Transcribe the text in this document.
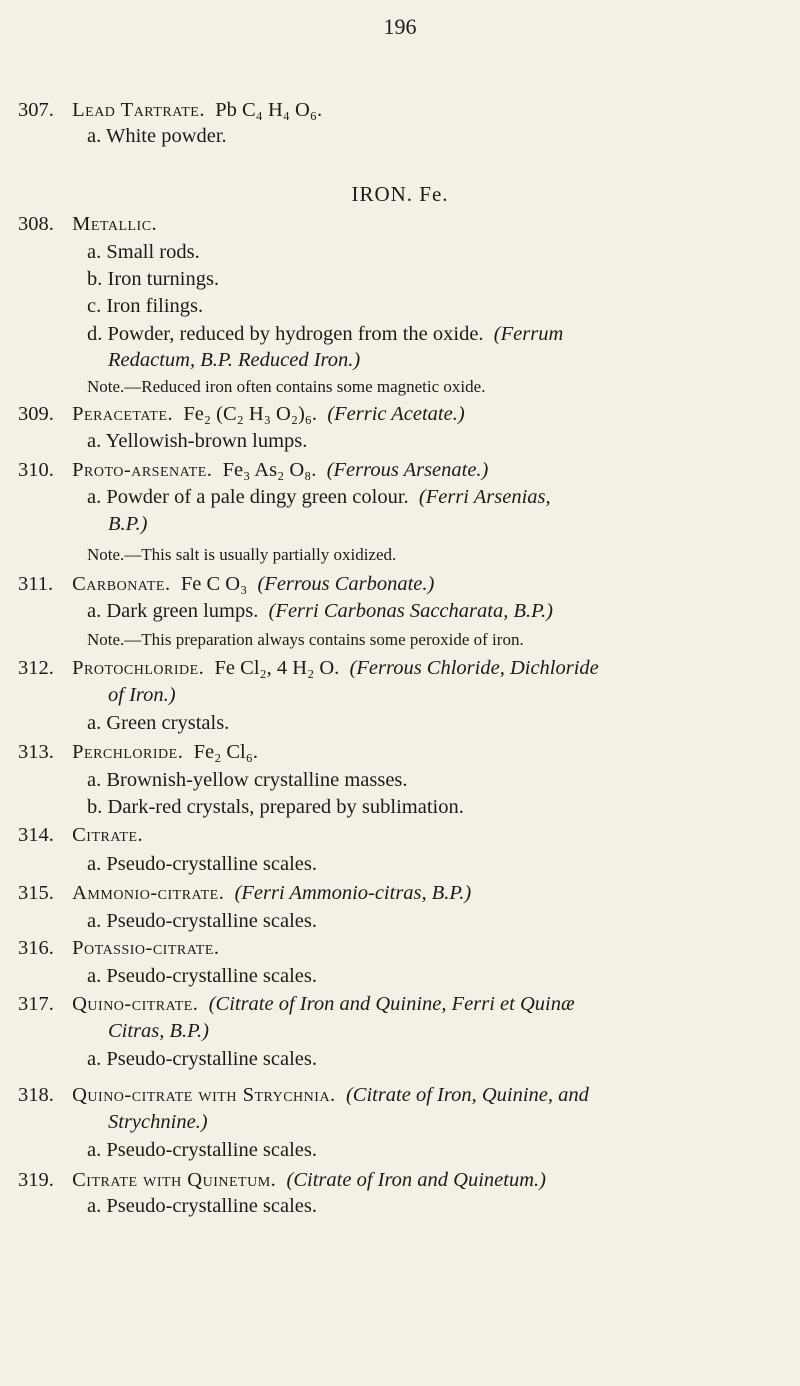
196
307. Lead Tartrate. Pb C₄ H₄ O₆.
a. White powder.
IRON. Fe.
308. Metallic.
a. Small rods.
b. Iron turnings.
c. Iron filings.
d. Powder, reduced by hydrogen from the oxide. (Ferrum
Redactum, B.P. Reduced Iron.)
Note.—Reduced iron often contains some magnetic oxide.
309. Peracetate. Fe₂ (C₂ H₃ O₂)₆. (Ferric Acetate.)
a. Yellowish-brown lumps.
310. Proto-arsenate. Fe₃ As₂ O₈. (Ferrous Arsenate.)
a. Powder of a pale dingy green colour. (Ferri Arsenias,
B.P.)
Note.—This salt is usually partially oxidized.
311. Carbonate. Fe C O₃ (Ferrous Carbonate.)
a. Dark green lumps. (Ferri Carbonas Saccharata, B.P.)
Note.—This preparation always contains some peroxide of iron.
312. Protochloride. Fe Cl₂, 4 H₂ O. (Ferrous Chloride, Dichloride
of Iron.)
a. Green crystals.
313. Perchloride. Fe₂ Cl₆.
a. Brownish-yellow crystalline masses.
b. Dark-red crystals, prepared by sublimation.
314. Citrate.
a. Pseudo-crystalline scales.
315. Ammonio-citrate. (Ferri Ammonio-citras, B.P.)
a. Pseudo-crystalline scales.
316. Potassio-citrate.
a. Pseudo-crystalline scales.
317. Quino-citrate. (Citrate of Iron and Quinine, Ferri et Quinæ
Citras, B.P.)
a. Pseudo-crystalline scales.
318. Quino-citrate with Strychnia. (Citrate of Iron, Quinine, and
Strychnine.)
a. Pseudo-crystalline scales.
319. Citrate with Quinetum. (Citrate of Iron and Quinetum.)
a. Pseudo-crystalline scales.
